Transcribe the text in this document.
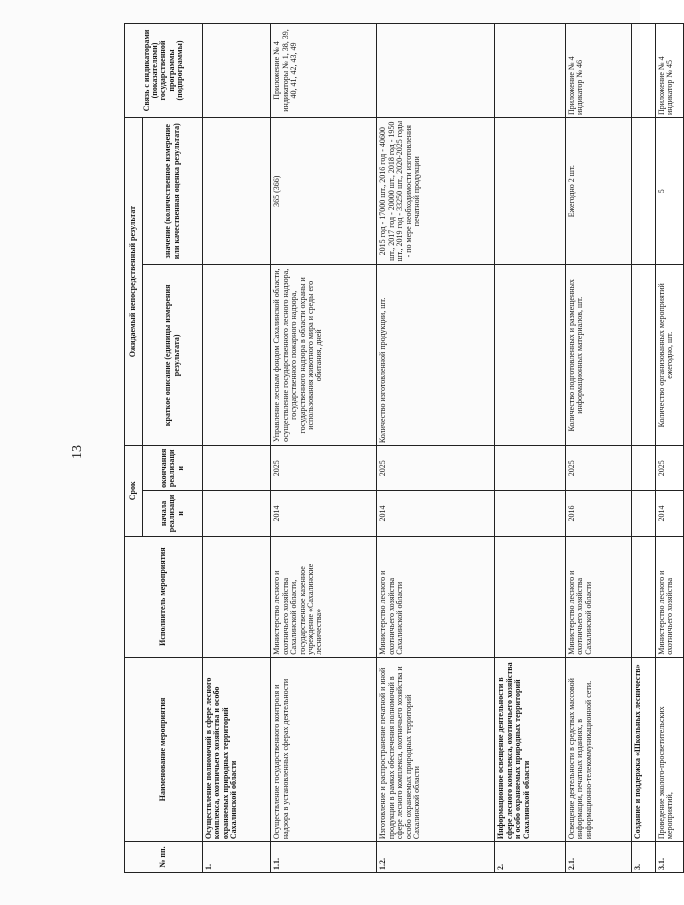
13
№ пп.	Наименование мероприятия	Исполнитель мероприятия	Срок		Ожидаемый непосредственный результат		Связь с индикаторами (показателями) государственной программы (подпрограммы)
			начала реализации	окончания реализации	краткое описание (единицы измерения результата)	значение (количественное измерение или качественная оценка результата)	

1.	Осуществление полномочий в сфере лесного комплекса, охотничьего хозяйства и особо охраняемых природных территорий Сахалинской области						
1.1.	Осуществление государственного контроля и надзора в установленных сферах деятельности	Министерство лесного и охотничьего хозяйства Сахалинской области, государственное казенное учреждение «Сахалинские лесничества»	2014	2025	Управление лесным фондом Сахалинской области, осуществление государственного лесного надзора, государственного пожарного надзора, государственного надзора в области охраны и использования животного мира и среды его обитания, дней	365 (366)	Приложение № 4 индикаторы № 1, 38, 39, 40, 41, 42, 43, 49
1.2.	Изготовление и распространение печатной и иной продукции в рамках обеспечения полномочий в сфере лесного комплекса, охотничьего хозяйства и особо охраняемых природных территорий Сахалинской области	Министерство лесного и охотничьего хозяйства Сахалинской области	2014	2025	Количество изготовленной продукции, шт.	2015 год - 17000 шт., 2016 год - 40600 шт., 2017 год - 20000 шт., 2018 год - 1950 шт., 2019 год - 33250 шт., 2020-2025 годы - по мере необходимости изготовления печатной продукции	
2.	Информационное освещение деятельности в сфере лесного комплекса, охотничьего хозяйства и особо охраняемых природных территорий Сахалинской области						
2.1.	Освещение деятельности в средствах массовой информации, печатных изданиях, в информационно-телекоммуникационной сети.	Министерство лесного и охотничьего хозяйства Сахалинской области	2016	2025	Количество подготовленных и размещенных информационных материалов, шт.	Ежегодно 2 шт.	Приложение № 4 индикатор № 46
3.	Создание и поддержка «Школьных лесничеств»						
3.1.	Проведение эколого-просветительских мероприятий,	Министерство лесного и охотничьего хозяйства	2014	2025	Количество организованных мероприятий ежегодно, шт.	5	Приложение № 4 индикатор № 45
